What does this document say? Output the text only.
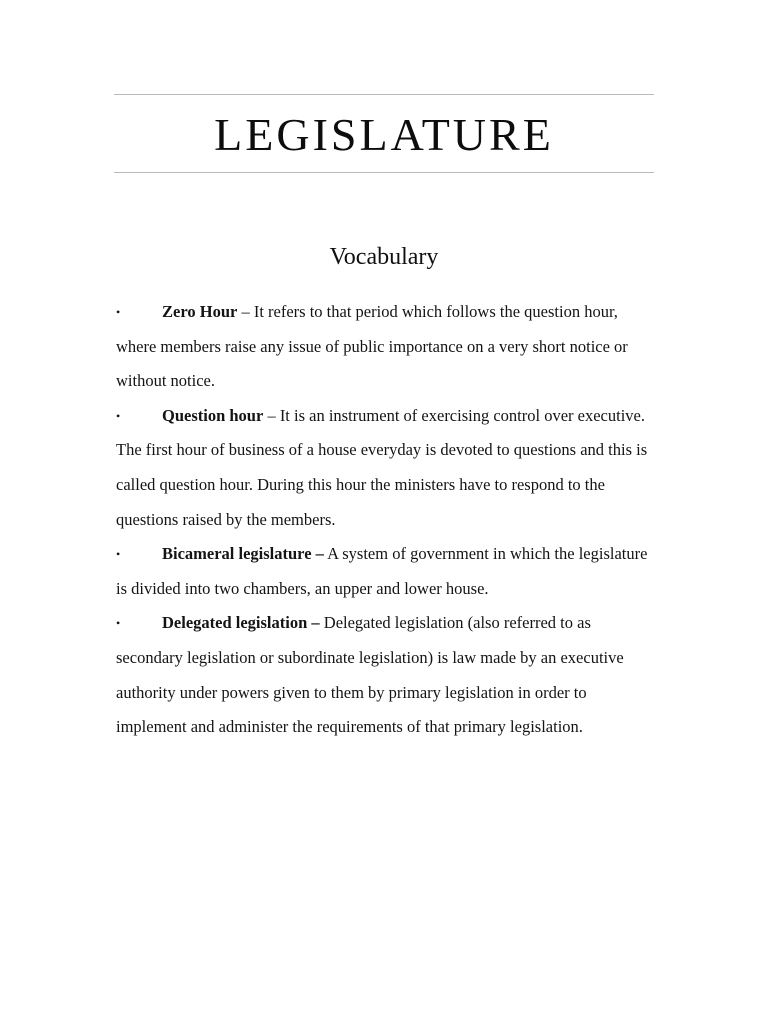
LEGISLATURE
Vocabulary

•	Zero Hour – It refers to that period which follows the question hour, where members raise any issue of public importance on a very short notice or without notice.

•	Question hour – It is an instrument of exercising control over executive. The first hour of business of a house everyday is devoted to questions and this is called question hour. During this hour the ministers have to respond to the questions raised by the members.

•	Bicameral legislature – A system of government in which the legislature is divided into two chambers, an upper and lower house.

•	Delegated legislation – Delegated legislation (also referred to as secondary legislation or subordinate legislation) is law made by an executive authority under powers given to them by primary legislation in order to implement and administer the requirements of that primary legislation.
